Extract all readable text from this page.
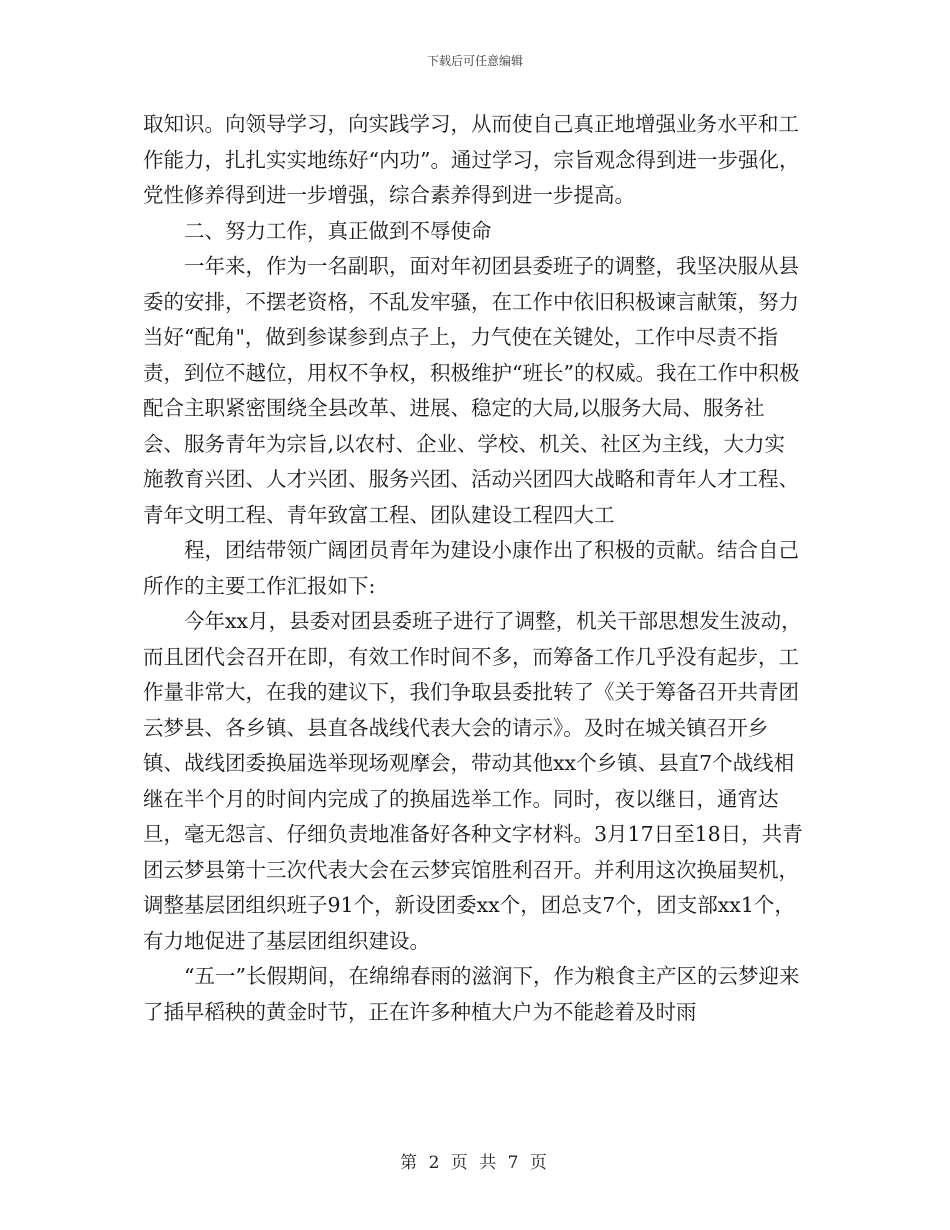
下载后可任意编辑

取知识。向领导学习，向实践学习，从而使自己真正地增强业务水平和工作能力，扎扎实实地练好“内功”。通过学习，宗旨观念得到进一步强化，党性修养得到进一步增强，综合素养得到进一步提高。

二、努力工作，真正做到不辱使命

一年来，作为一名副职，面对年初团县委班子的调整，我坚决服从县委的安排，不摆老资格，不乱发牢骚，在工作中依旧积极谏言献策，努力当好“配角"，做到参谋参到点子上，力气使在关键处，工作中尽责不指责，到位不越位，用权不争权，积极维护“班长”的权威。我在工作中积极配合主职紧密围绕全县改革、进展、稳定的大局,以服务大局、服务社会、服务青年为宗旨,以农村、企业、学校、机关、社区为主线，大力实施教育兴团、人才兴团、服务兴团、活动兴团四大战略和青年人才工程、青年文明工程、青年致富工程、团队建设工程四大工

程，团结带领广阔团员青年为建设小康作出了积极的贡献。结合自己所作的主要工作汇报如下:

今年xx月，县委对团县委班子进行了调整，机关干部思想发生波动，而且团代会召开在即，有效工作时间不多，而筹备工作几乎没有起步，工作量非常大，在我的建议下，我们争取县委批转了《关于筹备召开共青团云梦县、各乡镇、县直各战线代表大会的请示》。及时在城关镇召开乡镇、战线团委换届选举现场观摩会，带动其他xx个乡镇、县直7个战线相继在半个月的时间内完成了的换届选举工作。同时，夜以继日，通宵达旦，毫无怨言、仔细负责地准备好各种文字材料。3月17日至18日，共青团云梦县第十三次代表大会在云梦宾馆胜利召开。并利用这次换届契机，调整基层团组织班子91个，新设团委xx个，团总支7个，团支部xx1个，有力地促进了基层团组织建设。

“五一”长假期间，在绵绵春雨的滋润下，作为粮食主产区的云梦迎来了插早稻秧的黄金时节，正在许多种植大户为不能趁着及时雨

第 2 页 共 7 页
